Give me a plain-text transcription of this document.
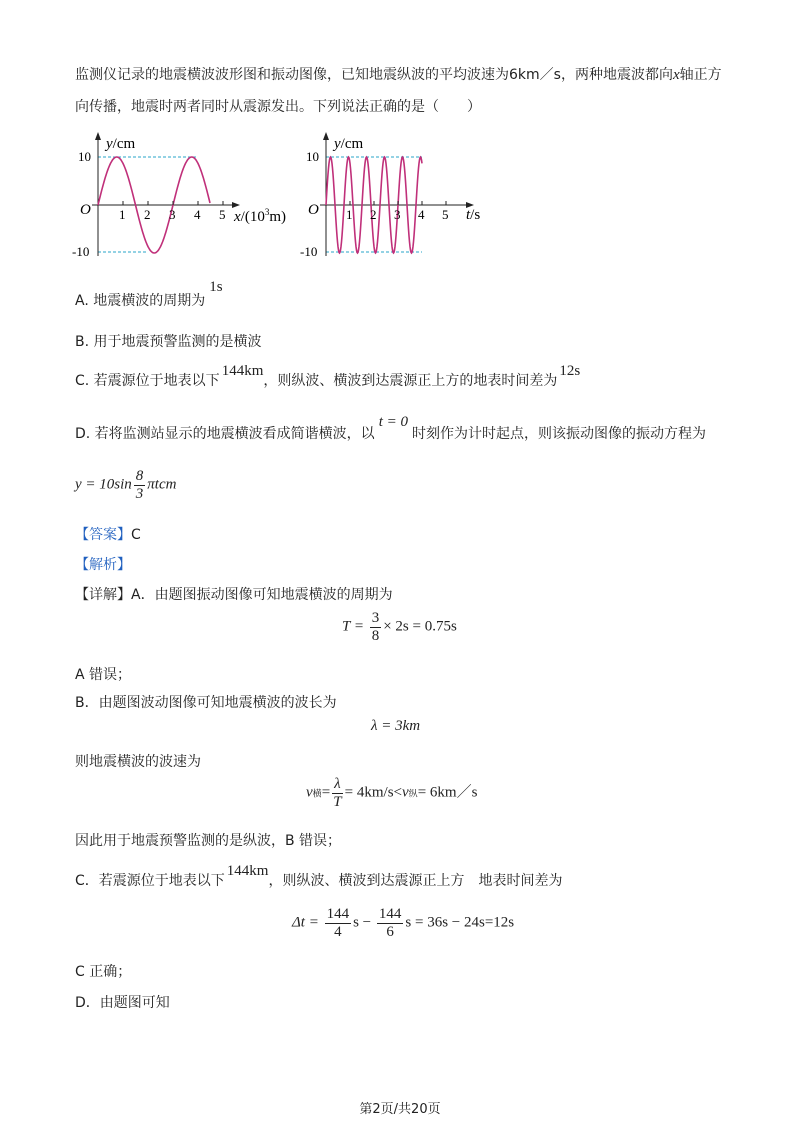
监测仪记录的地震横波波形图和振动图像，已知地震纵波的平均波速为6km／s，两种地震波都向x轴正方
向传播，地震时两者同时从震源发出。下列说法正确的是（　　）
y/cm
10
-10
O 1 2 3 4 5 $x/(10^3m)$
y/cm
10
-10
O 1 2 3 4 5 t/s
A. 地震横波的周期为1s
B. 用于地震预警监测的是横波
C. 若震源位于地表以下144km，则纵波、横波到达震源正上方的地表时间差为12s
D. 若将监测站显示的地震横波看成简谐横波，以t = 0时刻作为计时起点，则该振动图像的振动方程为
$y = 10\sin \frac{8}{3}$ πtcm
【答案】C
【解析】
【详解】A．由题图振动图像可知地震横波的周期为
$T = \frac{3}{8} \times 2s = 0.75s$
A 错误；
B．由题图波动图像可知地震横波的波长为
λ = 3km
则地震横波的波速为
v横= $\frac{\lambda}{T} = 4km/s<v$纵= 6km／s
因此用于地震预警监测的是纵波，B 错误；
C．若震源位于地表以下144km，则纵波、横波到达震源正上方　地表时间差为
$\Delta t = \frac{144}{4}$ $s - \frac{144}{6}$ s = 36s − 24s=12s
C 正确；
D．由题图可知
第2页/共20页
